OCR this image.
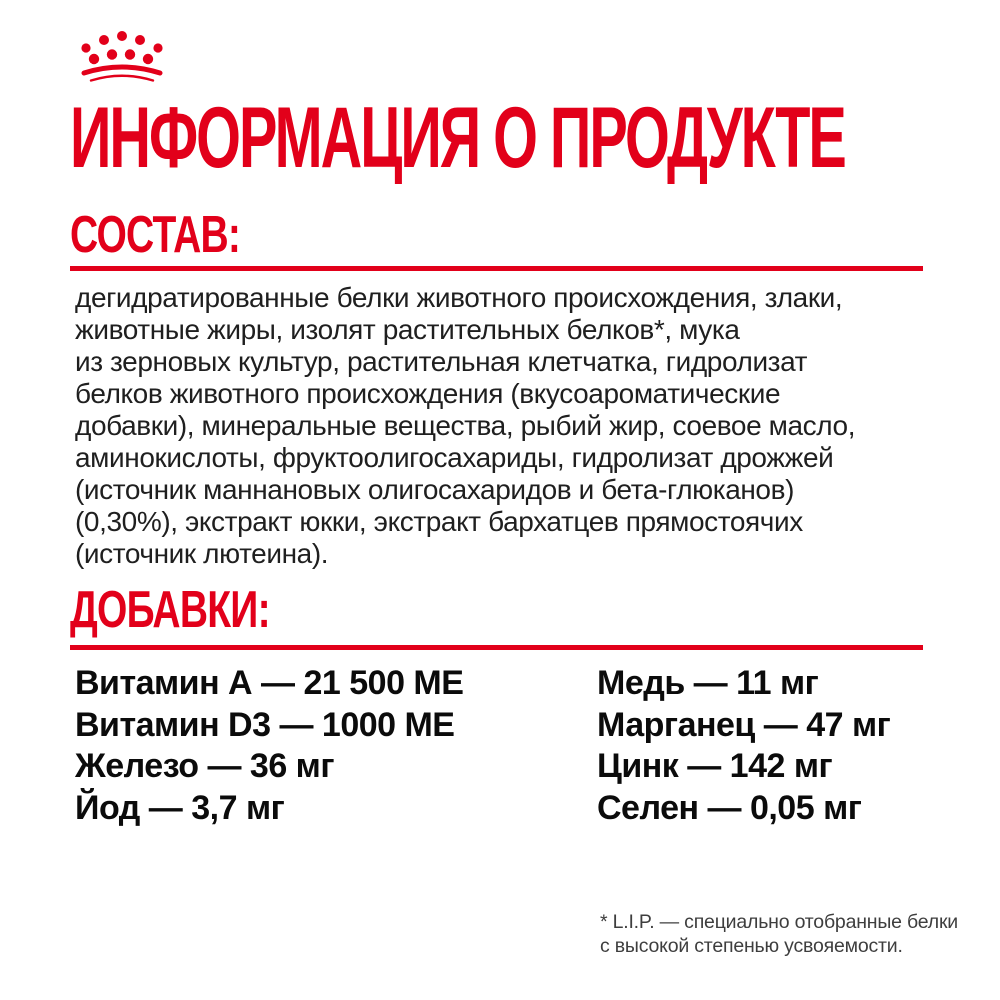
ИНФОРМАЦИЯ О ПРОДУКТЕ
СОСТАВ:
дегидратированные белки животного происхождения, злаки,
животные жиры, изолят растительных белков*, мука
из зерновых культур, растительная клетчатка, гидролизат
белков животного происхождения (вкусоароматические
добавки), минеральные вещества, рыбий жир, соевое масло,
аминокислоты, фруктоолигосахариды, гидролизат дрожжей
(источник маннановых олигосахаридов и бета-глюканов)
(0,30%), экстракт юкки, экстракт бархатцев прямостоячих
(источник лютеина).
ДОБАВКИ:
Витамин А — 21 500 МЕ
Витамин D3 — 1000 МЕ
Железо — 36 мг
Йод — 3,7 мг
Медь — 11 мг
Марганец — 47 мг
Цинк — 142 мг
Селен — 0,05 мг
* L.I.P. — специально отобранные белки
с высокой степенью усвояемости.
